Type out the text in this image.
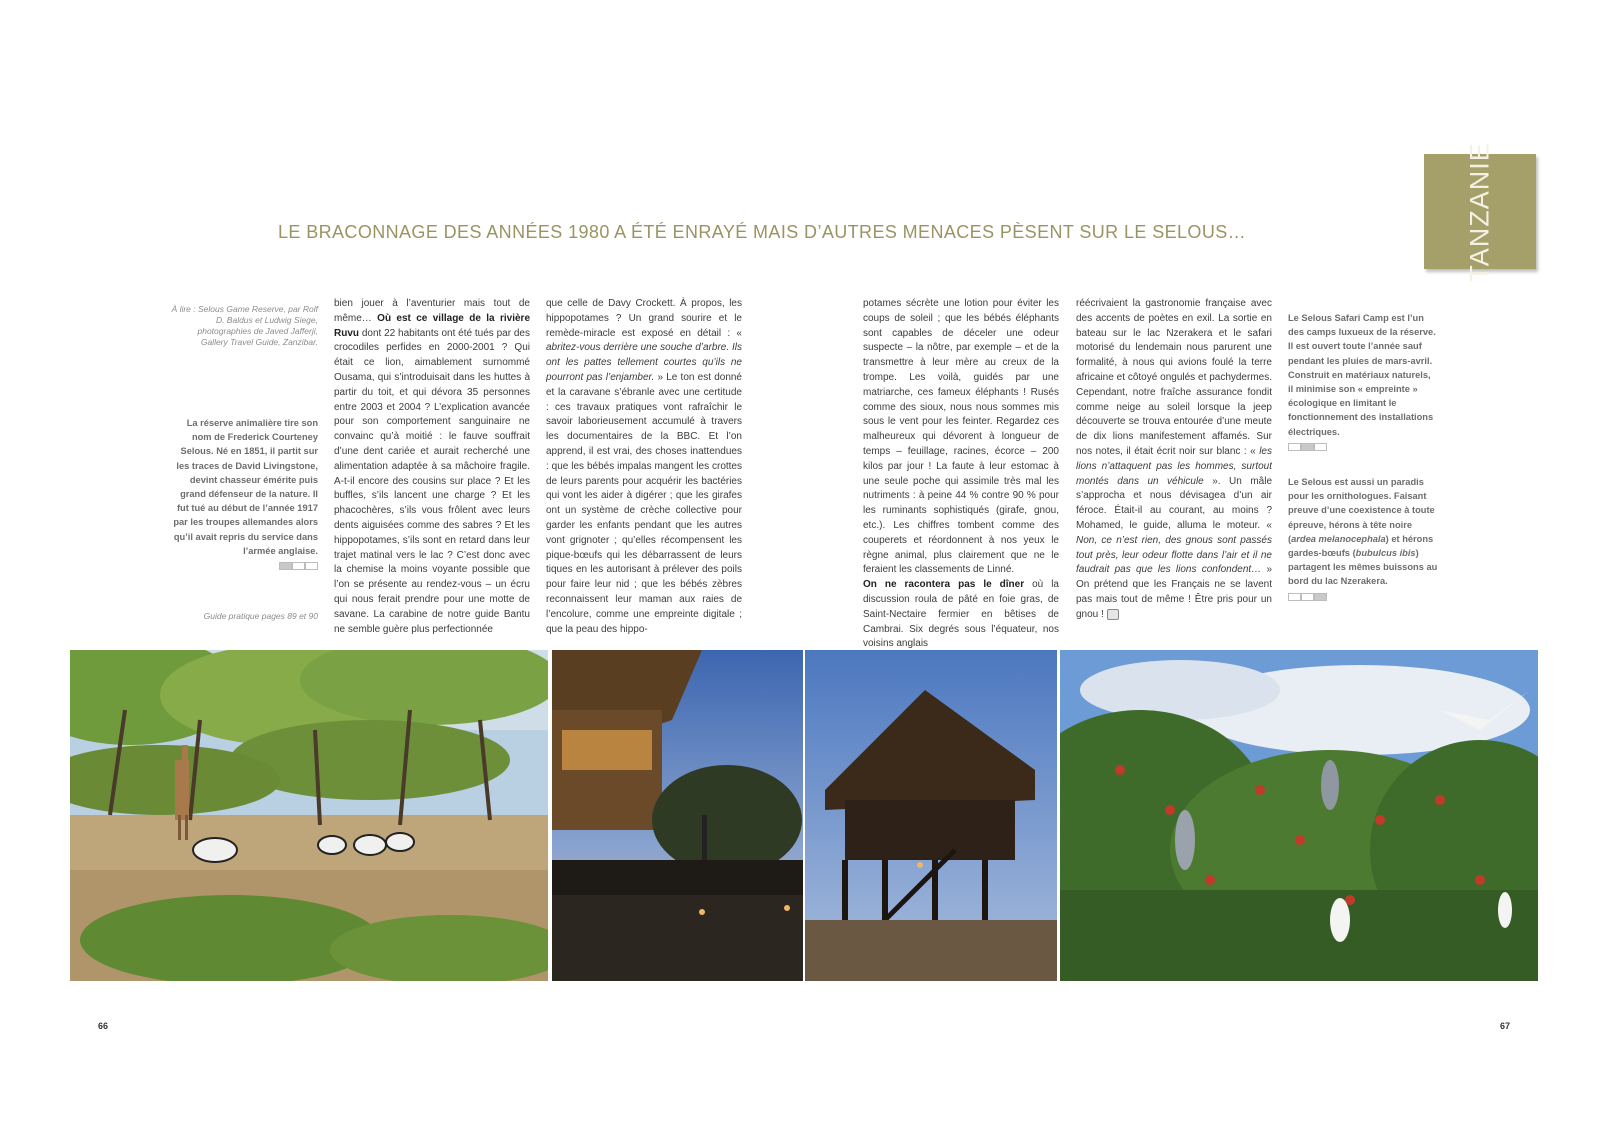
LE BRACONNAGE DES ANNÉES 1980 A ÉTÉ ENRAYÉ MAIS D’AUTRES MENACES PÈSENT SUR LE SELOUS…	TANZANIE
À lire : Selous Game Reserve, par Rolf D. Baldus et Ludwig Siege, photographies de Javed Jafferji, Gallery Travel Guide, Zanzibar.
La réserve animalière tire son nom de Frederick Courteney Selous. Né en 1851, il partit sur les traces de David Livingstone, devint chasseur émérite puis grand défenseur de la nature. Il fut tué au début de l’année 1917 par les troupes allemandes alors qu’il avait repris du service dans l’armée anglaise.
Guide pratique pages 89 et 90
bien jouer à l’aventurier mais tout de même… Où est ce village de la rivière Ruvu dont 22 habitants ont été tués par des crocodiles perfides en 2000-2001 ? Qui était ce lion, aimablement surnommé Ousama, qui s’introduisait dans les huttes à partir du toit, et qui dévora 35 personnes entre 2003 et 2004 ? L’explication avancée pour son comportement sanguinaire ne convainc qu’à moitié : le fauve souffrait d’une dent cariée et aurait recherché une alimentation adaptée à sa mâchoire fragile. A-t-il encore des cousins sur place ? Et les buffles, s’ils lancent une charge ? Et les phacochères, s’ils vous frôlent avec leurs dents aiguisées comme des sabres ? Et les hippopotames, s’ils sont en retard dans leur trajet matinal vers le lac ? C’est donc avec la chemise la moins voyante possible que l’on se présente au rendez-vous – un écru qui nous ferait prendre pour une motte de savane. La carabine de notre guide Bantu ne semble guère plus perfectionnée
que celle de Davy Crockett. À propos, les hippopotames ? Un grand sourire et le remède-miracle est exposé en détail : « abritez-vous derrière une souche d’arbre. Ils ont les pattes tellement courtes qu’ils ne pourront pas l’enjamber. » Le ton est donné et la caravane s’ébranle avec une certitude : ces travaux pratiques vont rafraîchir le savoir laborieusement accumulé à travers les documentaires de la BBC. Et l’on apprend, il est vrai, des choses inattendues : que les bébés impalas mangent les crottes de leurs parents pour acquérir les bactéries qui vont les aider à digérer ; que les girafes ont un système de crèche collective pour garder les enfants pendant que les autres vont grignoter ; qu’elles récompensent les pique-bœufs qui les débarrassent de leurs tiques en les autorisant à prélever des poils pour faire leur nid ; que les bébés zèbres reconnaissent leur maman aux raies de l’encolure, comme une empreinte digitale ; que la peau des hippo-
potames sécrète une lotion pour éviter les coups de soleil ; que les bébés éléphants sont capables de déceler une odeur suspecte – la nôtre, par exemple – et de la transmettre à leur mère au creux de la trompe. Les voilà, guidés par une matriarche, ces fameux éléphants ! Rusés comme des sioux, nous nous sommes mis sous le vent pour les feinter. Regardez ces malheureux qui dévorent à longueur de temps – feuillage, racines, écorce – 200 kilos par jour ! La faute à leur estomac à une seule poche qui assimile très mal les nutriments : à peine 44 % contre 90 % pour les ruminants sophistiqués (girafe, gnou, etc.). Les chiffres tombent comme des couperets et réordonnent à nos yeux le règne animal, plus clairement que ne le feraient les classements de Linné.
On ne racontera pas le dîner où la discussion roula de pâté en foie gras, de Saint-Nectaire fermier en bêtises de Cambrai. Six degrés sous l’équateur, nos voisins anglais
réécrivaient la gastronomie française avec des accents de poètes en exil. La sortie en bateau sur le lac Nzerakera et le safari motorisé du lendemain nous parurent une formalité, à nous qui avions foulé la terre africaine et côtoyé ongulés et pachydermes. Cependant, notre fraîche assurance fondit comme neige au soleil lorsque la jeep découverte se trouva entourée d’une meute de dix lions manifestement affamés. Sur nos notes, il était écrit noir sur blanc : « les lions n’attaquent pas les hommes, surtout montés dans un véhicule ». Un mâle s’approcha et nous dévisagea d’un air féroce. Était-il au courant, au moins ? Mohamed, le guide, alluma le moteur. « Non, ce n’est rien, des gnous sont passés tout près, leur odeur flotte dans l’air et il ne faudrait pas que les lions confondent… » On prétend que les Français ne se lavent pas mais tout de même ! Être pris pour un gnou !
Le Selous Safari Camp est l’un des camps luxueux de la réserve. Il est ouvert toute l’année sauf pendant les pluies de mars-avril. Construit en matériaux naturels, il minimise son « empreinte » écologique en limitant le fonctionnement des installations électriques.
Le Selous est aussi un paradis pour les ornithologues. Faisant preuve d’une coexistence à toute épreuve, hérons à tête noire (ardea melanocephala) et hérons gardes-bœufs (bubulcus ibis) partagent les mêmes buissons au bord du lac Nzerakera.
66	67
